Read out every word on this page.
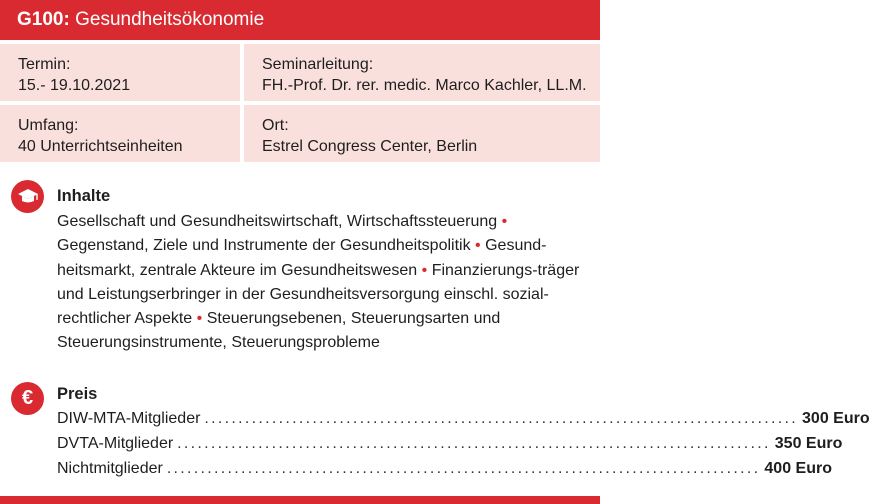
G100: Gesundheitsökonomie
Termin:
15.- 19.10.2021
Seminarleitung:
FH.-Prof. Dr. rer. medic. Marco Kachler, LL.M.
Umfang:
40 Unterrichtseinheiten
Ort:
Estrel Congress Center, Berlin
Inhalte
Gesellschaft und Gesundheitswirtschaft, Wirtschaftssteuerung • Gegenstand, Ziele und Instrumente der Gesundheitspolitik • Gesund-heitsmarkt, zentrale Akteure im Gesundheitswesen • Finanzierungs-träger und Leistungserbringer in der Gesundheitsversorgung einschl. sozial-rechtlicher Aspekte • Steuerungsebenen, Steuerungsarten und Steuerungsinstrumente, Steuerungsprobleme
€	Preis
DIW-MTA-Mitglieder ........................................................................................ 300 Euro
DVTA-Mitglieder ........................................................................................ 350 Euro
Nichtmitglieder ........................................................................................ 400 Euro
